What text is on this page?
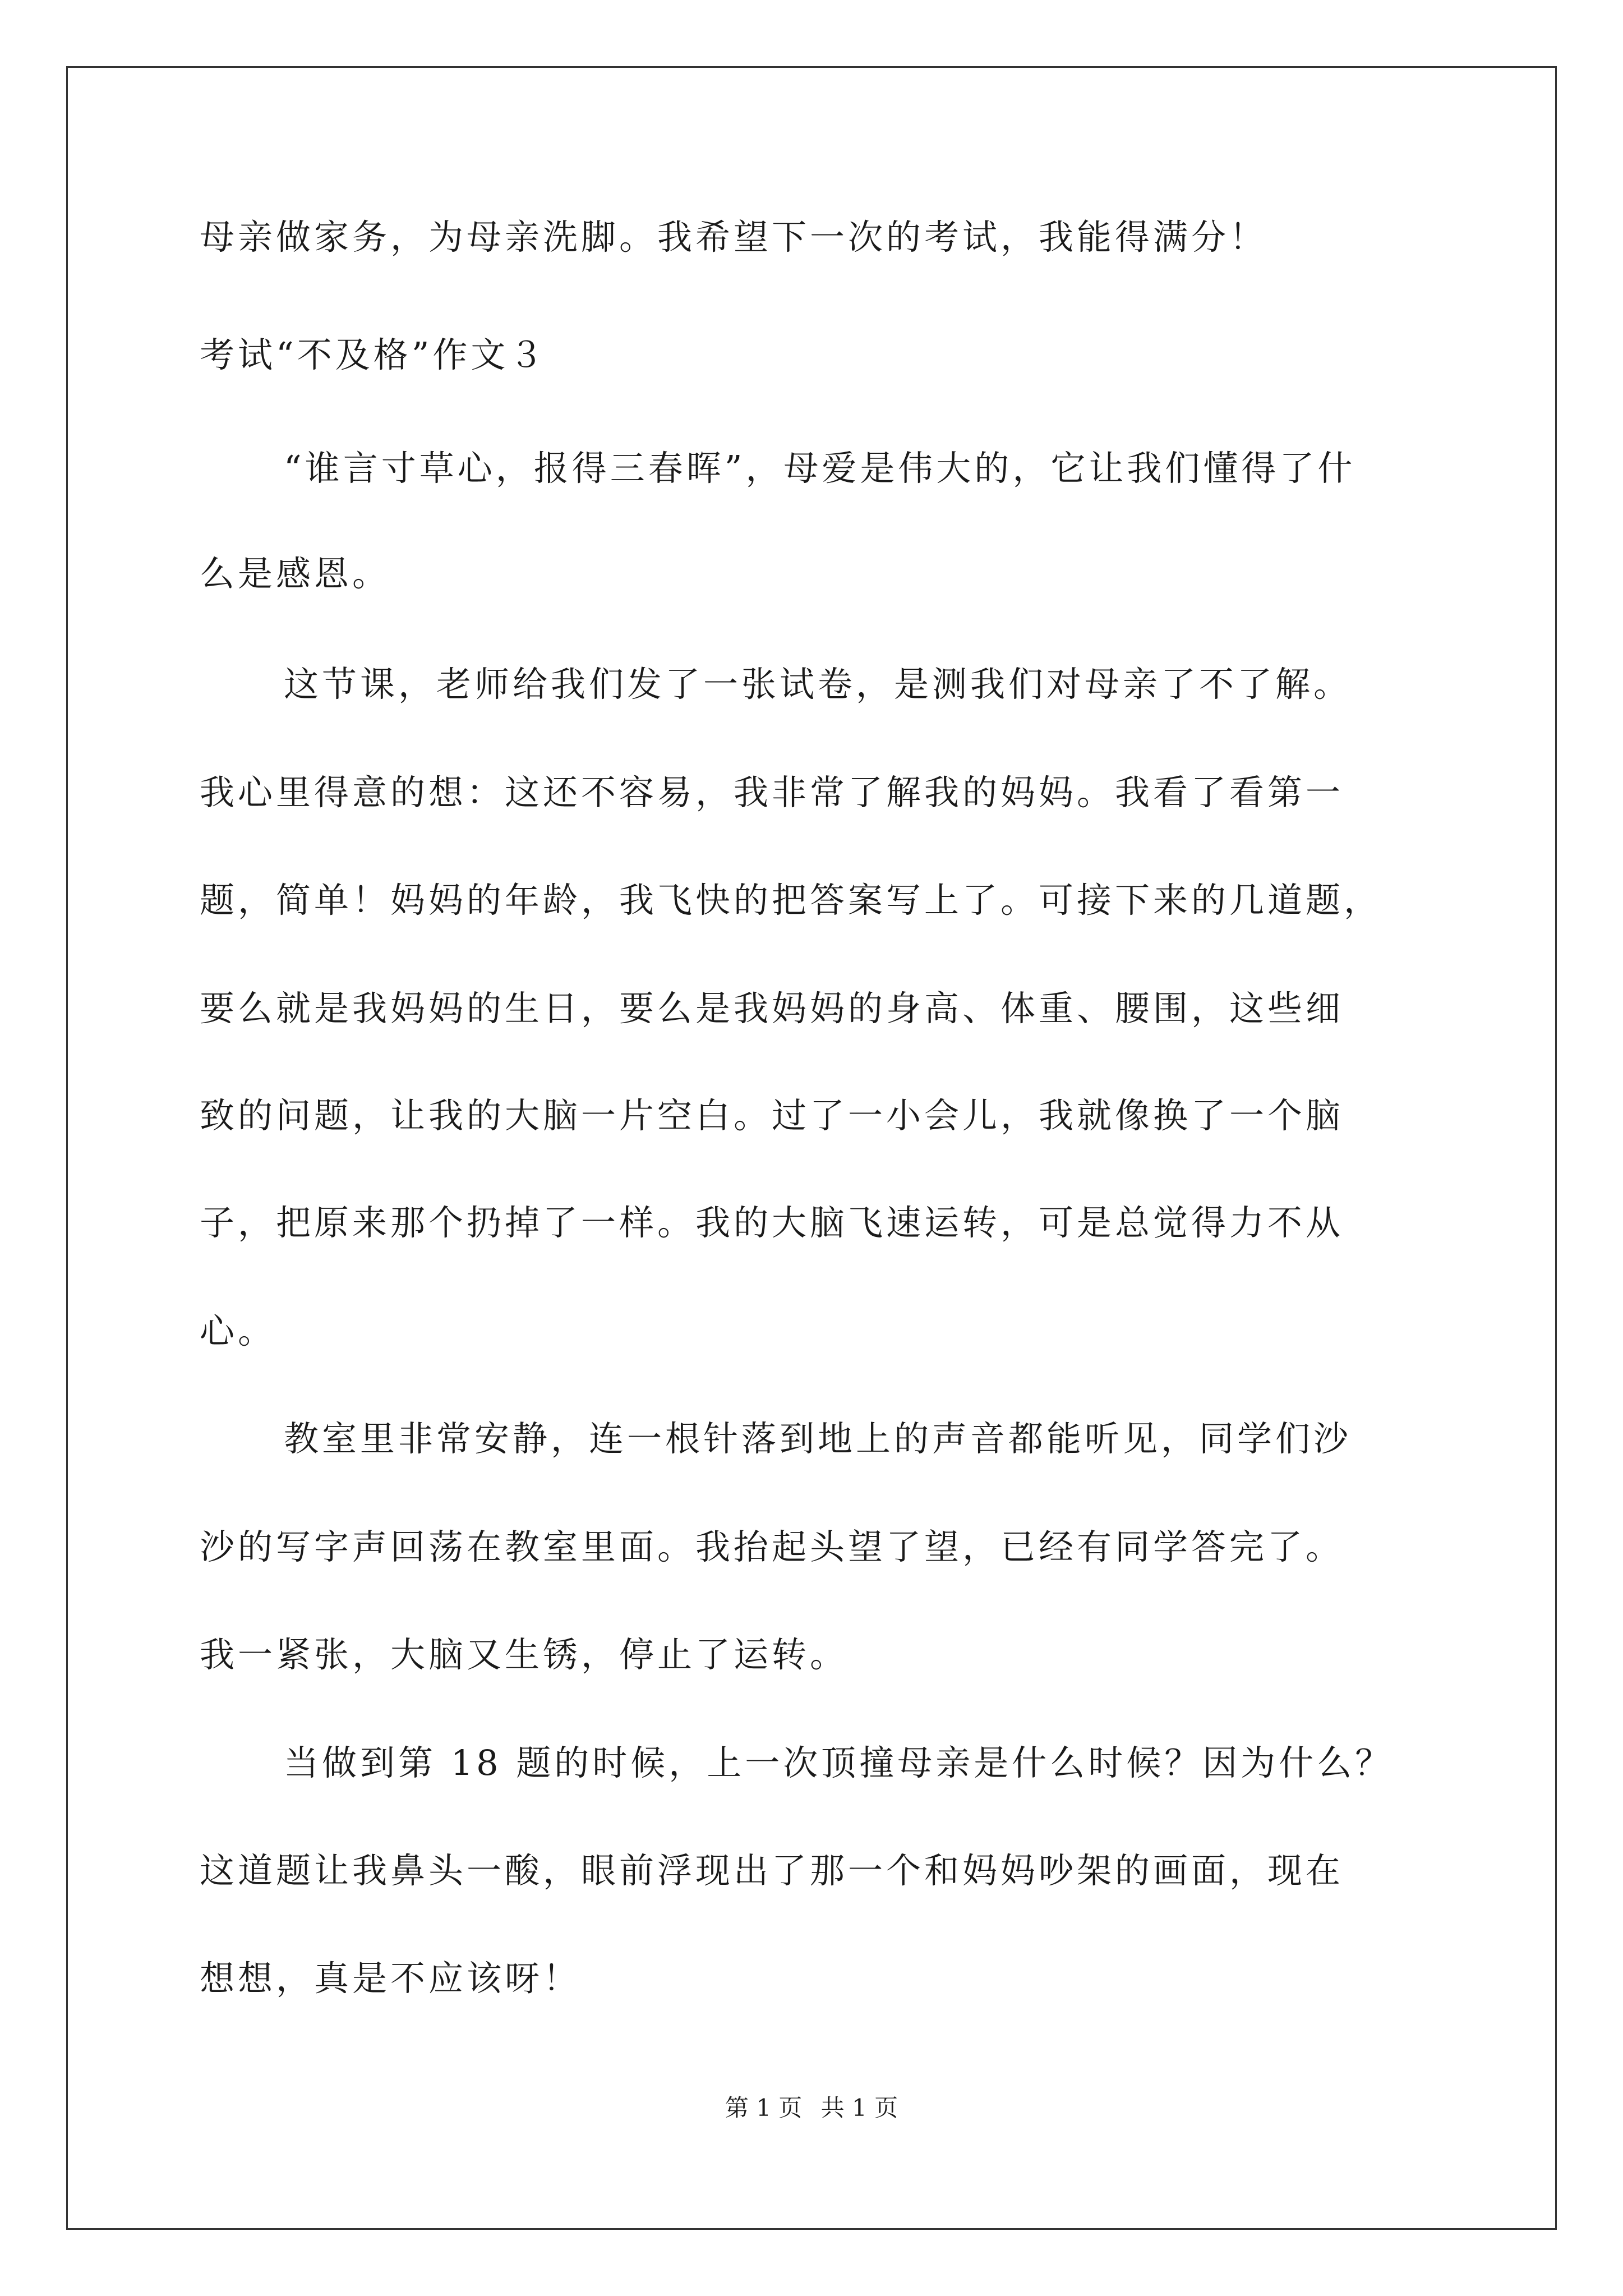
母亲做家务，为母亲洗脚。我希望下一次的考试，我能得满分！
考试“不及格”作文３
“谁言寸草心，报得三春晖”，母爱是伟大的，它让我们懂得了什
么是感恩。
这节课，老师给我们发了一张试卷，是测我们对母亲了不了解。
我心里得意的想：这还不容易，我非常了解我的妈妈。我看了看第一
题，简单！妈妈的年龄，我飞快的把答案写上了。可接下来的几道题，
要么就是我妈妈的生日，要么是我妈妈的身高、体重、腰围，这些细
致的问题，让我的大脑一片空白。过了一小会儿，我就像换了一个脑
子，把原来那个扔掉了一样。我的大脑飞速运转，可是总觉得力不从
心。
教室里非常安静，连一根针落到地上的声音都能听见，同学们沙
沙的写字声回荡在教室里面。我抬起头望了望，已经有同学答完了。
我一紧张，大脑又生锈，停止了运转。
当做到第 18 题的时候，上一次顶撞母亲是什么时候？因为什么？
这道题让我鼻头一酸，眼前浮现出了那一个和妈妈吵架的画面，现在
想想，真是不应该呀！
第 1 页 共 1 页
